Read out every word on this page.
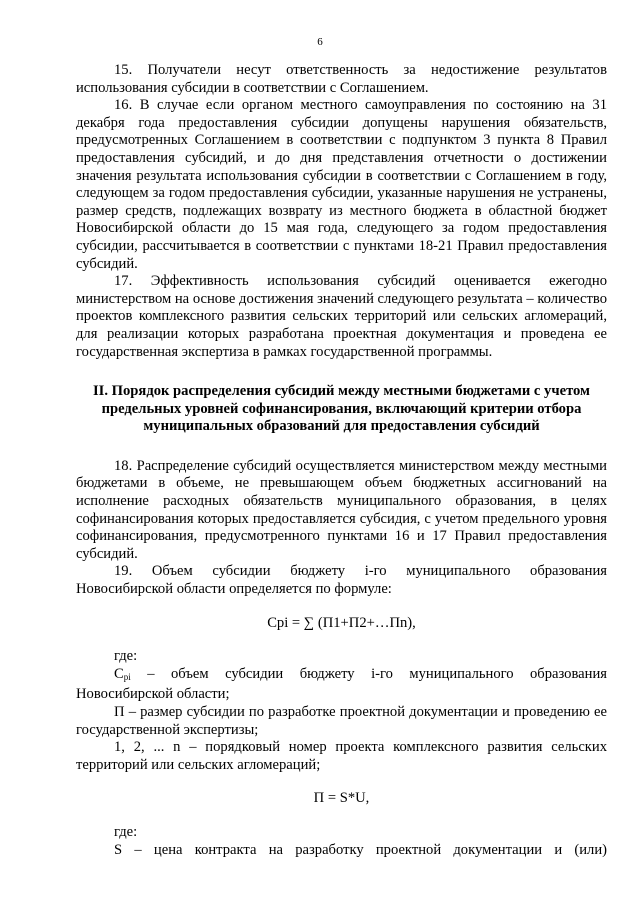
6

15. Получатели несут ответственность за недостижение результатов использования субсидии в соответствии с Соглашением.

16. В случае если органом местного самоуправления по состоянию на 31 декабря года предоставления субсидии допущены нарушения обязательств, предусмотренных Соглашением в соответствии с подпунктом 3 пункта 8 Правил предоставления субсидий, и до дня представления отчетности о достижении значения результата использования субсидии в соответствии с Соглашением в году, следующем за годом предоставления субсидии, указанные нарушения не устранены, размер средств, подлежащих возврату из местного бюджета в областной бюджет Новосибирской области до 15 мая года, следующего за годом предоставления субсидии, рассчитывается в соответствии с пунктами 18-21 Правил предоставления субсидий.

17. Эффективность использования субсидий оценивается ежегодно министерством на основе достижения значений следующего результата – количество проектов комплексного развития сельских территорий или сельских агломераций, для реализации которых разработана проектная документация и проведена ее государственная экспертиза в рамках государственной программы.

II. Порядок распределения субсидий между местными бюджетами с учетом
предельных уровней софинансирования, включающий критерии отбора
муниципальных образований для предоставления субсидий

18. Распределение субсидий осуществляется министерством между местными бюджетами в объеме, не превышающем объем бюджетных ассигнований на исполнение расходных обязательств муниципального образования, в целях софинансирования которых предоставляется субсидия, с учетом предельного уровня софинансирования, предусмотренного пунктами 16 и 17 Правил предоставления субсидий.

19. Объем субсидии бюджету i-го муниципального образования Новосибирской области определяется по формуле:

Срi = ∑ (П1+П2+…Пn),

где:

$С_{рi}$ – объем субсидии бюджету i-го муниципального образования Новосибирской области;

П – размер субсидии по разработке проектной документации и проведению ее государственной экспертизы;

1, 2, ... n – порядковый номер проекта комплексного развития сельских территорий или сельских агломераций;

П = S*U,

где:

S – цена контракта на разработку проектной документации и (или)
